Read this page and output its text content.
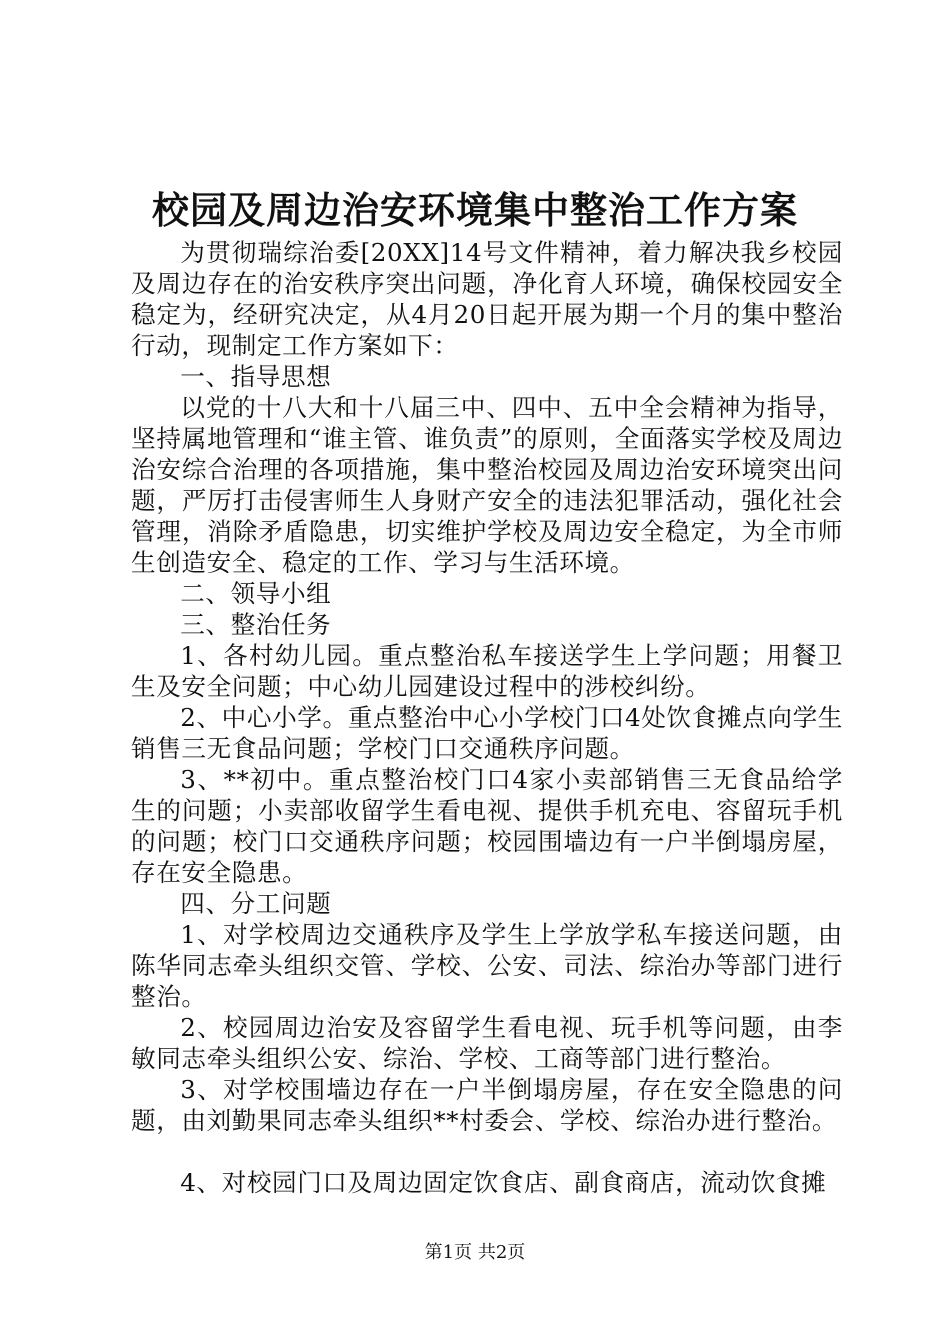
校园及周边治安环境集中整治工作方案

为贯彻瑞综治委[20XX]14号文件精神，着力解决我乡校园及周边存在的治安秩序突出问题，净化育人环境，确保校园安全稳定为，经研究决定，从4月20日起开展为期一个月的集中整治行动，现制定工作方案如下：

一、指导思想

以党的十八大和十八届三中、四中、五中全会精神为指导，坚持属地管理和“谁主管、谁负责”的原则，全面落实学校及周边治安综合治理的各项措施，集中整治校园及周边治安环境突出问题，严厉打击侵害师生人身财产安全的违法犯罪活动，强化社会管理，消除矛盾隐患，切实维护学校及周边安全稳定，为全市师生创造安全、稳定的工作、学习与生活环境。

二、领导小组

三、整治任务

1、各村幼儿园。重点整治私车接送学生上学问题；用餐卫生及安全问题；中心幼儿园建设过程中的涉校纠纷。

2、中心小学。重点整治中心小学校门口4处饮食摊点向学生销售三无食品问题；学校门口交通秩序问题。

3、**初中。重点整治校门口4家小卖部销售三无食品给学生的问题；小卖部收留学生看电视、提供手机充电、容留玩手机的问题；校门口交通秩序问题；校园围墙边有一户半倒塌房屋，存在安全隐患。

四、分工问题

1、对学校周边交通秩序及学生上学放学私车接送问题，由陈华同志牵头组织交管、学校、公安、司法、综治办等部门进行整治。

2、校园周边治安及容留学生看电视、玩手机等问题，由李敏同志牵头组织公安、综治、学校、工商等部门进行整治。

3、对学校围墙边存在一户半倒塌房屋，存在安全隐患的问题，由刘勤果同志牵头组织**村委会、学校、综治办进行整治。

4、对校园门口及周边固定饮食店、副食商店，流动饮食摊

第1页 共2页
